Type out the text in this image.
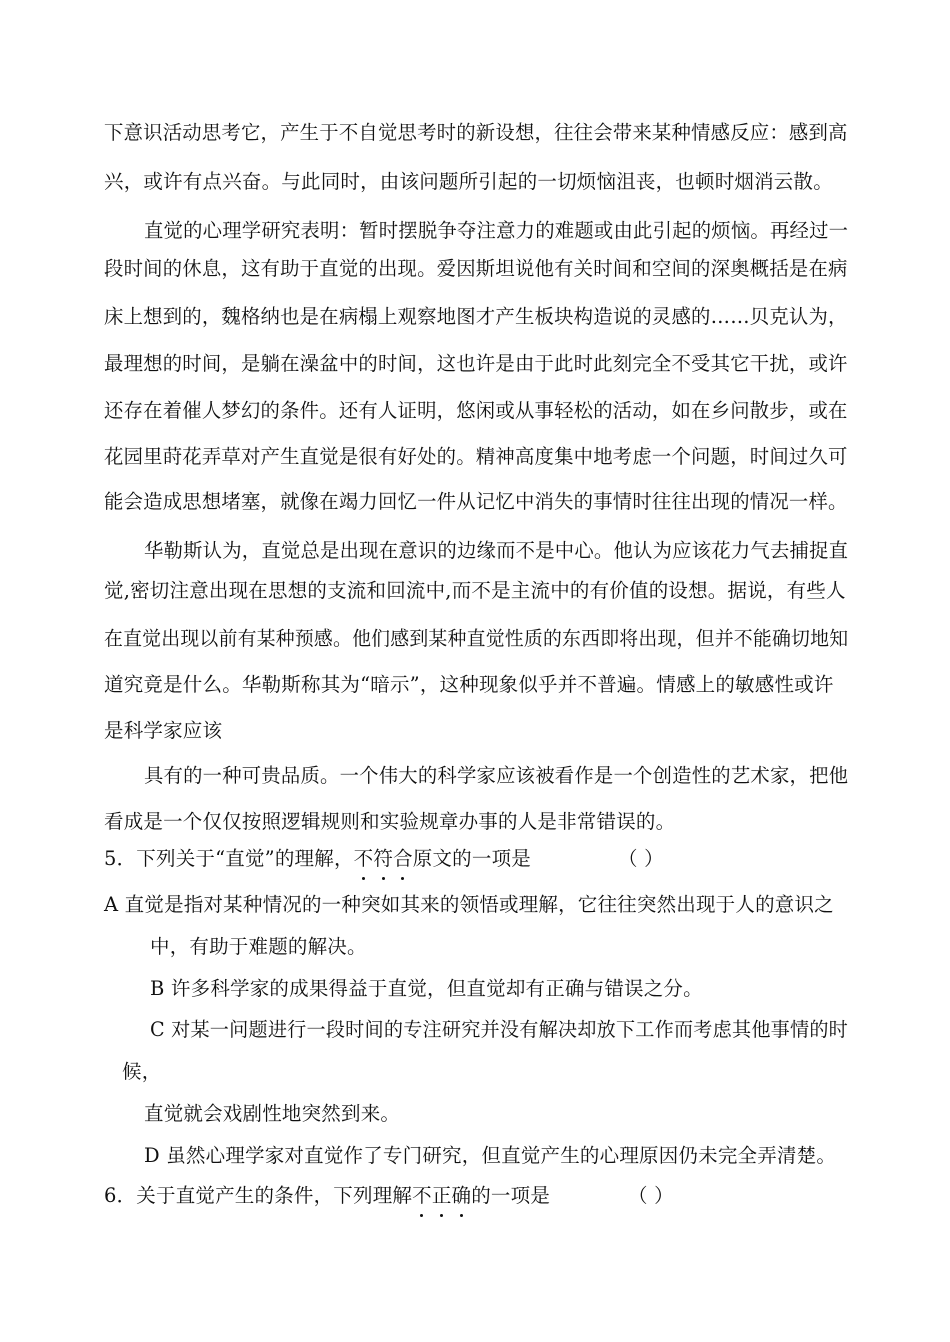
下意识活动思考它，产生于不自觉思考时的新设想，往往会带来某种情感反应：感到高
兴，或许有点兴奋。与此同时，由该问题所引起的一切烦恼沮丧，也顿时烟消云散。
直觉的心理学研究表明：暂时摆脱争夺注意力的难题或由此引起的烦恼。再经过一
段时间的休息，这有助于直觉的出现。爱因斯坦说他有关时间和空间的深奥概括是在病
床上想到的，魏格纳也是在病榻上观察地图才产生板块构造说的灵感的……贝克认为，
最理想的时间，是躺在澡盆中的时间，这也许是由于此时此刻完全不受其它干扰，或许
还存在着催人梦幻的条件。还有人证明，悠闲或从事轻松的活动，如在乡问散步，或在
花园里莳花弄草对产生直觉是很有好处的。精神高度集中地考虑一个问题，时间过久可
能会造成思想堵塞，就像在竭力回忆一件从记忆中消失的事情时往往出现的情况一样。
华勒斯认为，直觉总是出现在意识的边缘而不是中心。他认为应该花力气去捕捉直
觉,密切注意出现在思想的支流和回流中,而不是主流中的有价值的设想。据说，有些人
在直觉出现以前有某种预感。他们感到某种直觉性质的东西即将出现，但并不能确切地知
道究竟是什么。华勒斯称其为“暗示”，这种现象似乎并不普遍。情感上的敏感性或许
是科学家应该
具有的一种可贵品质。一个伟大的科学家应该被看作是一个创造性的艺术家，把他
看成是一个仅仅按照逻辑规则和实验规章办事的人是非常错误的。
5．下列关于“直觉”的理解，不符合原文的一项是	（ ）
A 直觉是指对某种情况的一种突如其来的领悟或理解，它往往突然出现于人的意识之
中，有助于难题的解决。
B 许多科学家的成果得益于直觉，但直觉却有正确与错误之分。
C 对某一问题进行一段时间的专注研究并没有解决却放下工作而考虑其他事情的时
候，
直觉就会戏剧性地突然到来。
D 虽然心理学家对直觉作了专门研究，但直觉产生的心理原因仍未完全弄清楚。
6．关于直觉产生的条件，下列理解不正确的一项是	（ ）
